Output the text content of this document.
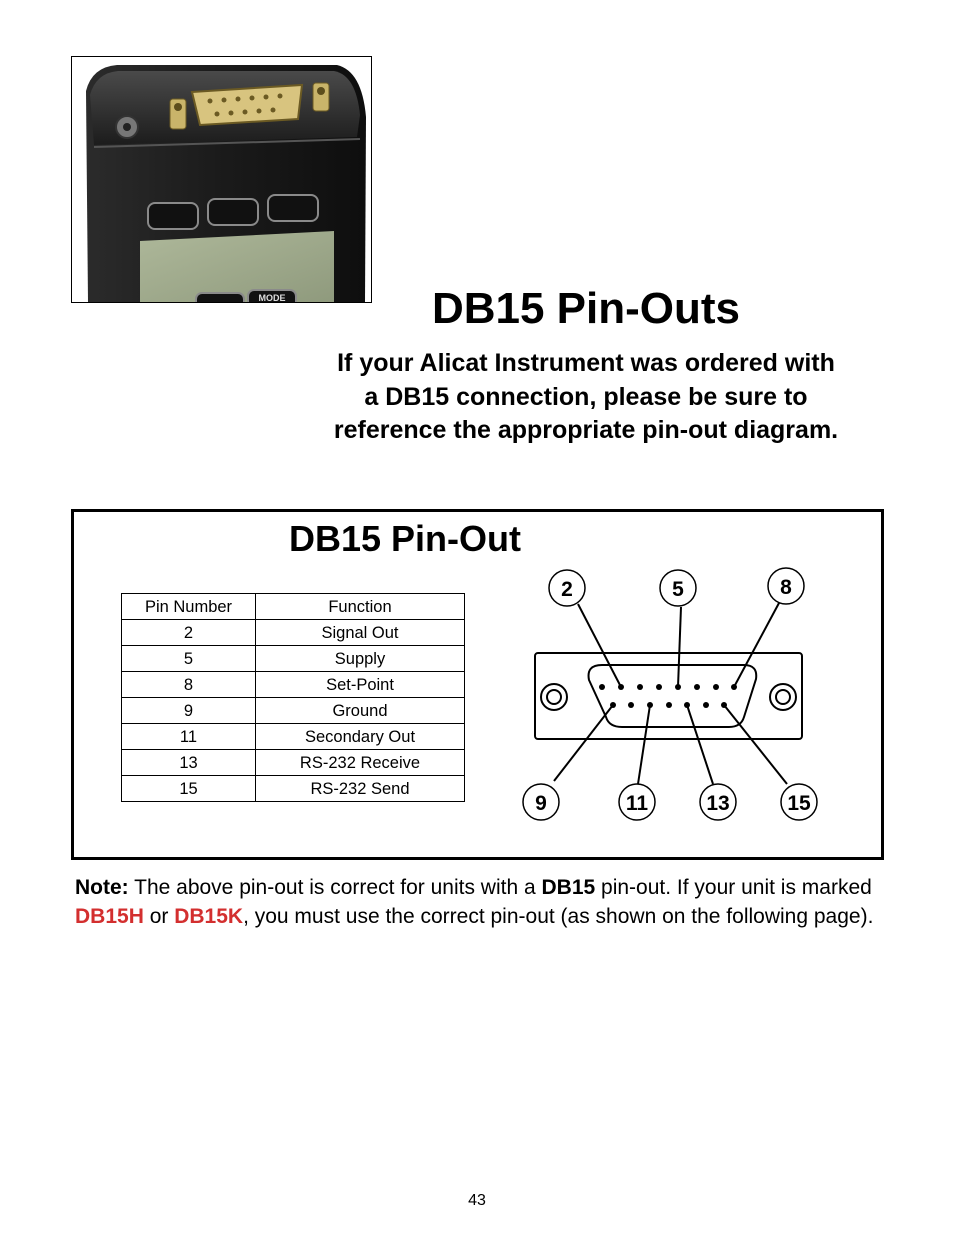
MODE	DB15 Pin-Outs
If your Alicat Instrument was ordered with
a DB15 connection, please be sure to
reference the appropriate pin-out diagram.
DB15 Pin-Out
Pin Number	Function
2	Signal Out
5	Supply
8	Set-Point
9	Ground
11	Secondary Out
13	RS-232 Receive
15	RS-232 Send
2	5	8
9	11	13	15
Note: The above pin-out is correct for units with a DB15 pin-out. If your unit is marked DB15H or DB15K, you must use the correct pin-out (as shown on the following page).
43
